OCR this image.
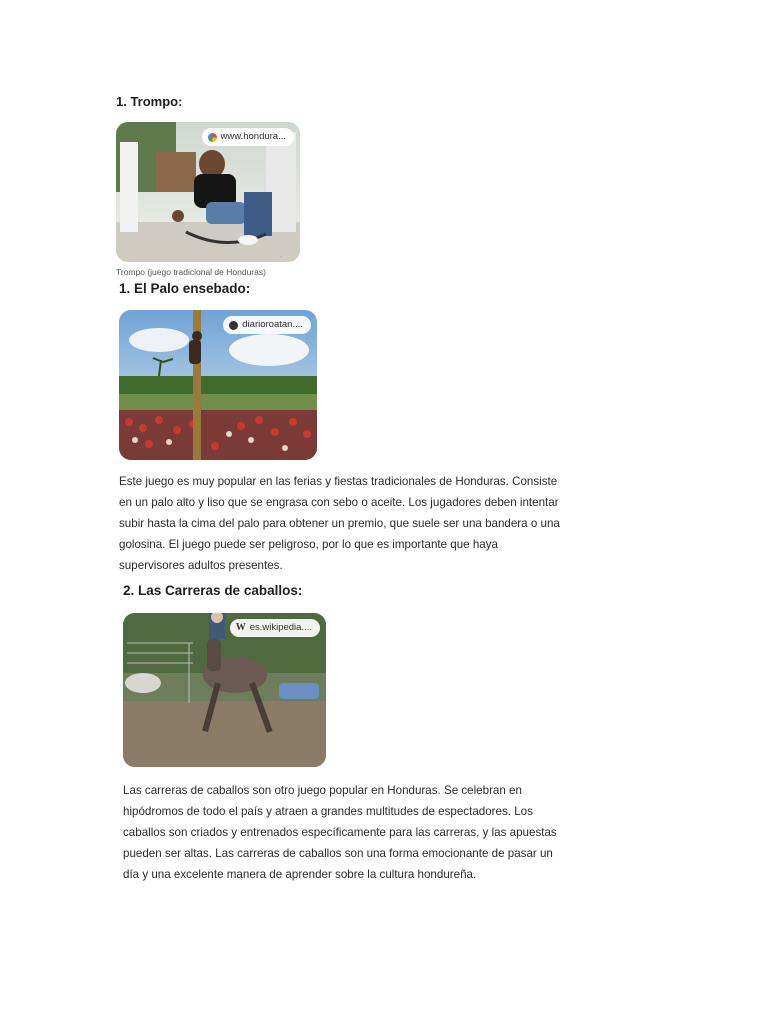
1. Trompo:
·
www.hondura...
Trompo (juego tradicional de Honduras)
1. El Palo ensebado:
diarioroatan....

Este juego es muy popular en las ferias y fiestas tradicionales de Honduras. Consiste
en un palo alto y liso que se engrasa con sebo o aceite. Los jugadores deben intentar
subir hasta la cima del palo para obtener un premio, que suele ser una bandera o una
golosina. El juego puede ser peligroso, por lo que es importante que haya
supervisores adultos presentes.

2. Las Carreras de caballos:
W es.wikipedia....

Las carreras de caballos son otro juego popular en Honduras. Se celebran en
hipódromos de todo el país y atraen a grandes multitudes de espectadores. Los
caballos son criados y entrenados específicamente para las carreras, y las apuestas
pueden ser altas. Las carreras de caballos son una forma emocionante de pasar un
día y una excelente manera de aprender sobre la cultura hondureña.
